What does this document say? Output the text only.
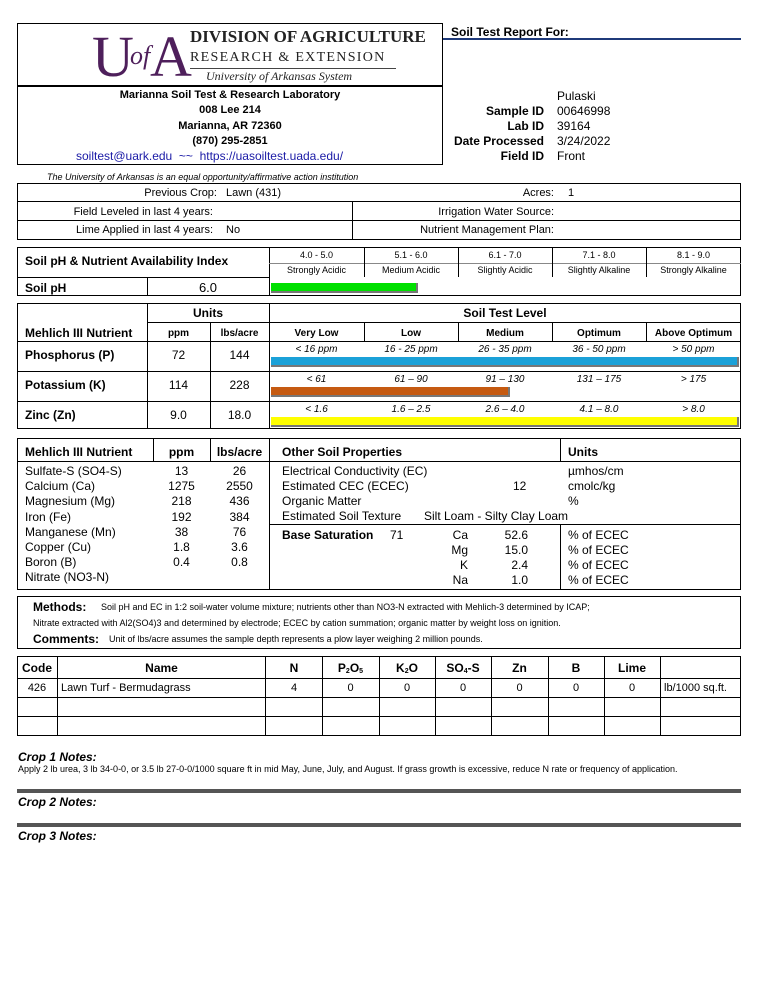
U
of A
DIVISION OF AGRICULTURE
RESEARCH & EXTENSION
University of Arkansas System
Soil Test Report For:
Marianna Soil Test & Research Laboratory
008 Lee 214
Marianna, AR 72360
(870) 295-2851
soiltest@uark.edu ~~ https://uasoiltest.uada.edu/
Pulaski
Sample ID 00646998
Lab ID 39164
Date Processed 3/24/2022
Field ID Front
The University of Arkansas is an equal opportunity/affirmative action institution
Previous Crop: Lawn (431)	Acres: 1
Field Leveled in last 4 years:	Irrigation Water Source:
Lime Applied in last 4 years: No	Nutrient Management Plan:
Soil pH & Nutrient Availability Index
Soil pH	6.0
4.0 - 5.0
Strongly Acidic
5.1 - 6.0
Medium Acidic
6.1 - 7.0
Slightly Acidic
7.1 - 8.0
Slightly Alkaline
8.1 - 9.0
Strongly Alkaline
Units	Soil Test Level
Mehlich III Nutrient	ppm	lbs/acre	Very Low	Low	Medium	Optimum	Above Optimum
Phosphorus (P)	72	144	< 16 ppm	16 - 25 ppm	26 - 35 ppm	36 - 50 ppm	> 50 ppm
Potassium (K)	114	228	< 61	61 – 90	91 – 130	131 – 175	> 175
Zinc (Zn)	9.0	18.0	< 1.6	1.6 – 2.5	2.6 – 4.0	4.1 – 8.0	> 8.0
Mehlich III Nutrient	ppm	lbs/acre
Sulfate-S (SO4-S)	13	26
Calcium (Ca)	1275	2550
Magnesium (Mg)	218	436
Iron (Fe)	192	384
Manganese (Mn)	38	76
Copper (Cu)	1.8	3.6
Boron (B)	0.4	0.8
Nitrate (NO3-N)
Other Soil Properties	Units
Electrical Conductivity (EC)	µmhos/cm
Estimated CEC (ECEC)	12	cmolc/kg
Organic Matter	%
Estimated Soil Texture Silt Loam - Silty Clay Loam
Base Saturation 71	Ca	52.6	% of ECEC
Mg	15.0	% of ECEC
K	2.4	% of ECEC
Na	1.0	% of ECEC
Methods: Soil pH and EC in 1:2 soil-water volume mixture; nutrients other than NO3-N extracted with Mehlich-3 determined by ICAP;
Nitrate extracted with Al2(SO4)3 and determined by electrode; ECEC by cation summation; organic matter by weight loss on ignition.
Comments: Unit of lbs/acre assumes the sample depth represents a plow layer weighing 2 million pounds.
Code	Name	N	P2O5	K2O	SO4-S	Zn	B	Lime
426	Lawn Turf - Bermudagrass	4	0	0	0	0	0	0	lb/1000 sq.ft.
Crop 1 Notes:
Apply 2 lb urea, 3 lb 34-0-0, or 3.5 lb 27-0-0/1000 square ft in mid May, June, July, and August. If grass growth is excessive, reduce N rate or frequency of application.
Crop 2 Notes:
Crop 3 Notes:
